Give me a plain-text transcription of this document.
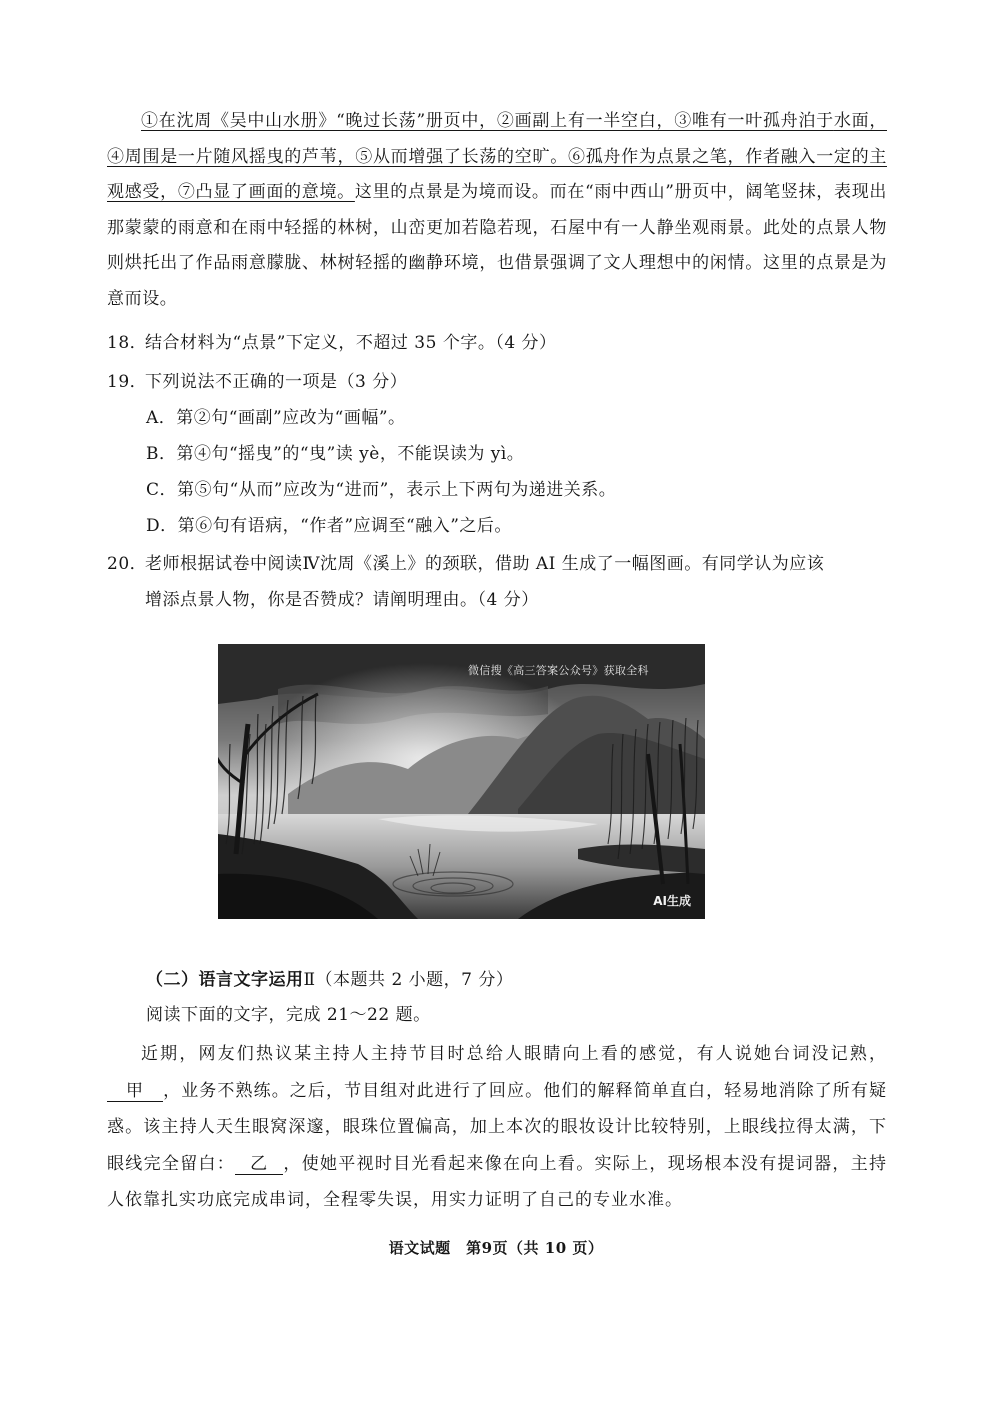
①在沈周《吴中山水册》“晚过长荡”册页中，②画副上有一半空白，③唯有一叶孤舟泊于水面，④周围是一片随风摇曳的芦苇，⑤从而增强了长荡的空旷。⑥孤舟作为点景之笔，作者融入一定的主观感受，⑦凸显了画面的意境。这里的点景是为境而设。而在“雨中西山”册页中，阔笔竖抹，表现出那蒙蒙的雨意和在雨中轻摇的林树，山峦更加若隐若现，石屋中有一人静坐观雨景。此处的点景人物则烘托出了作品雨意朦胧、林树轻摇的幽静环境，也借景强调了文人理想中的闲情。这里的点景是为意而设。
18．结合材料为“点景”下定义，不超过 35 个字。（4 分）
19．下列说法不正确的一项是（3 分）
A．第②句“画副”应改为“画幅”。
B．第④句“摇曳”的“曳”读 yè，不能误读为 yì。
C．第⑤句“从而”应改为“进而”，表示上下两句为递进关系。
D．第⑥句有语病，“作者”应调至“融入”之后。
20．老师根据试卷中阅读Ⅳ沈周《溪上》的颈联，借助 AI 生成了一幅图画。有同学认为应该
增添点景人物，你是否赞成？请阐明理由。（4 分）
微信搜《高三答案公众号》获取全科
AI生成
（二）语言文字运用Ⅱ（本题共 2 小题，7 分）
阅读下面的文字，完成 21～22 题。
近期，网友们热议某主持人主持节目时总给人眼睛向上看的感觉，有人说她台词没记熟，甲 ，业务不熟练。之后，节目组对此进行了回应。他们的解释简单直白，轻易地消除了所有疑惑。该主持人天生眼窝深邃，眼珠位置偏高，加上本次的眼妆设计比较特别，上眼线拉得太满，下眼线完全留白： 乙 ，使她平视时目光看起来像在向上看。实际上，现场根本没有提词器，主持人依靠扎实功底完成串词，全程零失误，用实力证明了自己的专业水准。
语文试题　第9页（共 10 页）
